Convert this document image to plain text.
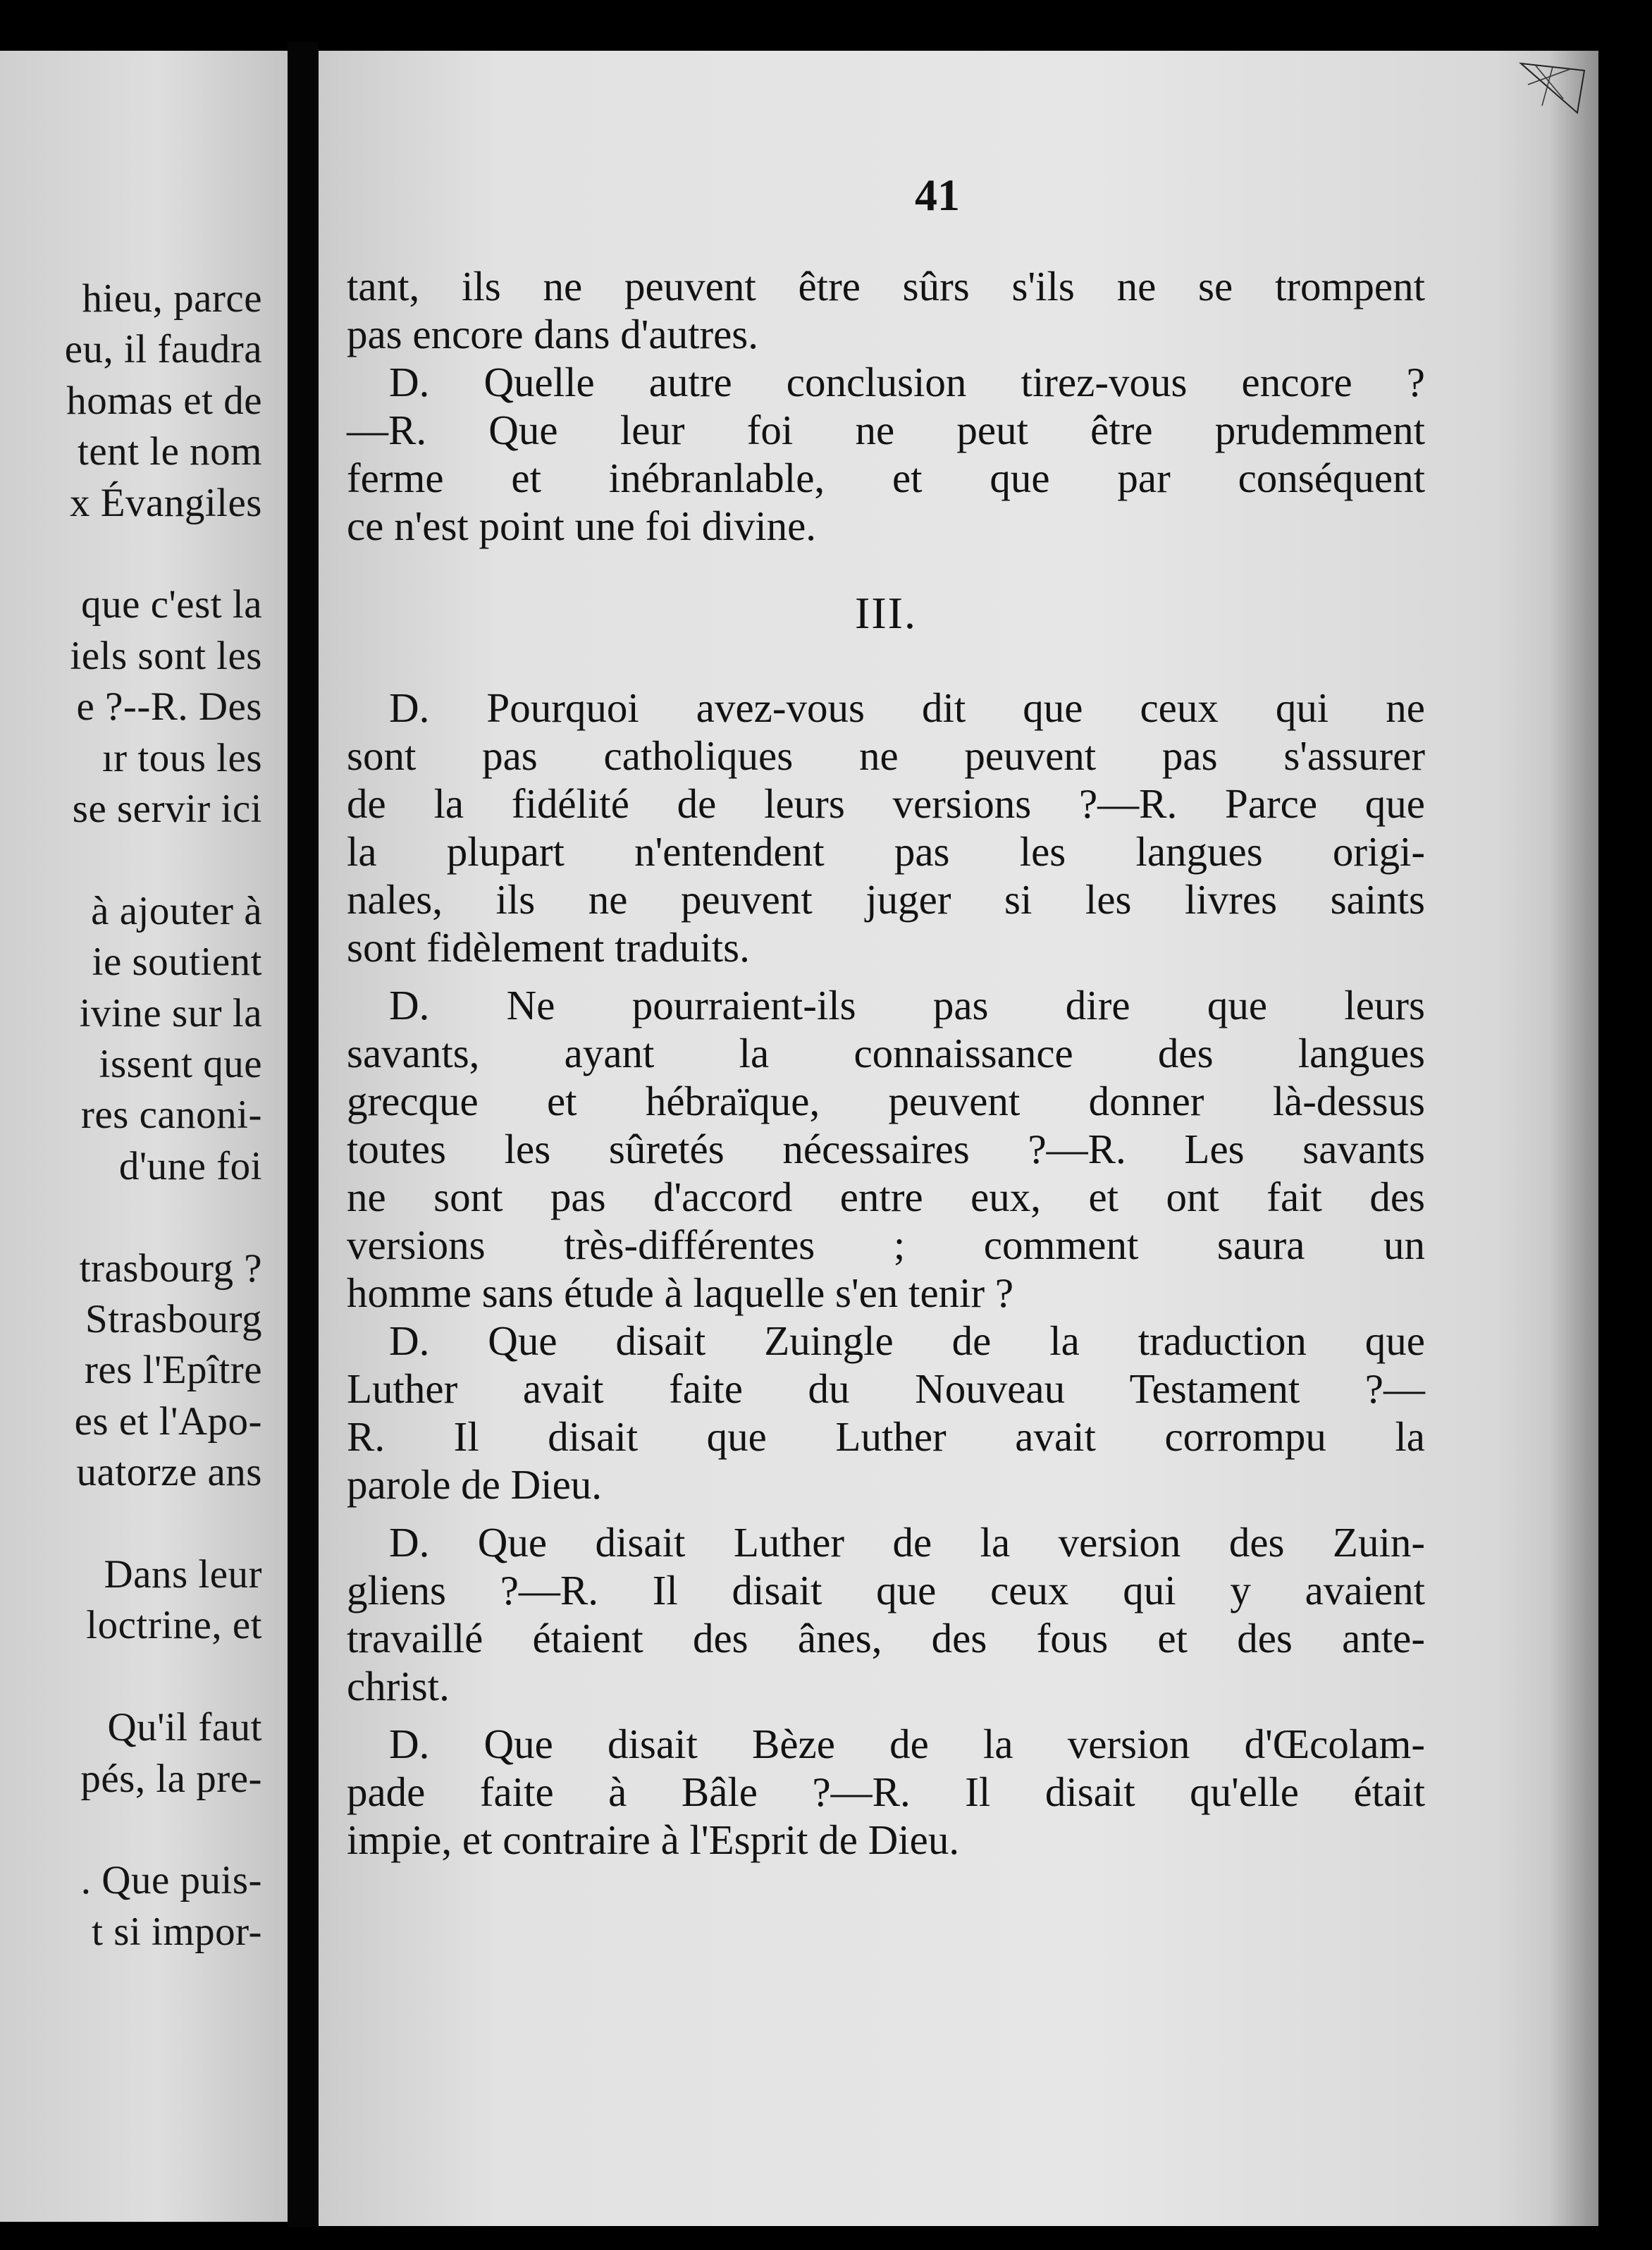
hieu, parce
eu, il faudra
homas et de
tent le nom
x Évangiles
que c'est la
iels sont les
e ?--R. Des
ır tous les
se servir ici
à ajouter à
ie soutient
ivine sur la
issent que
res canoni-
d'une foi
trasbourg ?
Strasbourg
res l'Epître
es et l'Apo-
uatorze ans
Dans leur
loctrine, et
Qu'il faut
pés, la pre-
. Que puis-
t si impor-
41
tant, ils ne peuvent être sûrs s'ils ne se trompent
pas encore dans d'autres.
D. Quelle autre conclusion tirez-vous encore ?
—R. Que leur foi ne peut être prudemment
ferme et inébranlable, et que par conséquent
ce n'est point une foi divine.
III.
D. Pourquoi avez-vous dit que ceux qui ne
sont pas catholiques ne peuvent pas s'assurer
de la fidélité de leurs versions ?—R. Parce que
la plupart n'entendent pas les langues origi-
nales, ils ne peuvent juger si les livres saints
sont fidèlement traduits.
D. Ne pourraient-ils pas dire que leurs
savants, ayant la connaissance des langues
grecque et hébraïque, peuvent donner là-dessus
toutes les sûretés nécessaires ?—R. Les savants
ne sont pas d'accord entre eux, et ont fait des
versions très-différentes ; comment saura un
homme sans étude à laquelle s'en tenir ?
D. Que disait Zuingle de la traduction que
Luther avait faite du Nouveau Testament ?—
R. Il disait que Luther avait corrompu la
parole de Dieu.
D. Que disait Luther de la version des Zuin-
gliens ?—R. Il disait que ceux qui y avaient
travaillé étaient des ânes, des fous et des ante-
christ.
D. Que disait Bèze de la version d'Œcolam-
pade faite à Bâle ?—R. Il disait qu'elle était
impie, et contraire à l'Esprit de Dieu.
